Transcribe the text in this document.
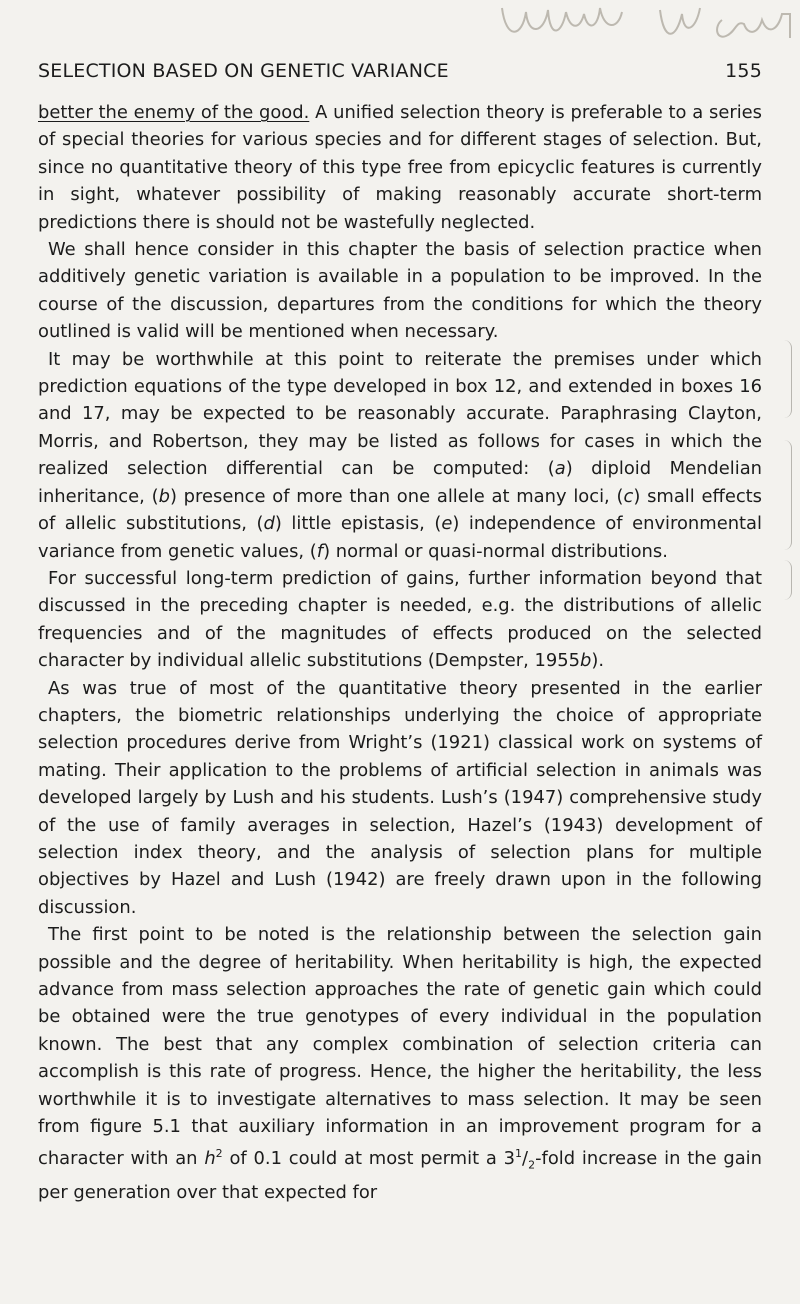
SELECTION BASED ON GENETIC VARIANCE	155

better the enemy of the good. A unified selection theory is preferable to a series of special theories for various species and for different stages of selection. But, since no quantitative theory of this type free from epicyclic features is currently in sight, whatever possibility of making reasonably accurate short-term predictions there is should not be wastefully neglected.

We shall hence consider in this chapter the basis of selection practice when additively genetic variation is available in a population to be improved. In the course of the discussion, departures from the conditions for which the theory outlined is valid will be mentioned when necessary.

It may be worthwhile at this point to reiterate the premises under which prediction equations of the type developed in box 12, and extended in boxes 16 and 17, may be expected to be reasonably accurate. Paraphrasing Clayton, Morris, and Robertson, they may be listed as follows for cases in which the realized selection differential can be computed: (a) diploid Mendelian inheritance, (b) presence of more than one allele at many loci, (c) small effects of allelic substitutions, (d) little epistasis, (e) independence of environmental variance from genetic values, (f) normal or quasi-normal distributions.

For successful long-term prediction of gains, further information beyond that discussed in the preceding chapter is needed, e.g. the distributions of allelic frequencies and of the magnitudes of effects produced on the selected character by individual allelic substitutions (Dempster, 1955b).

As was true of most of the quantitative theory presented in the earlier chapters, the biometric relationships underlying the choice of appropriate selection procedures derive from Wright’s (1921) classical work on systems of mating. Their application to the problems of artificial selection in animals was developed largely by Lush and his students. Lush’s (1947) comprehensive study of the use of family averages in selection, Hazel’s (1943) development of selection index theory, and the analysis of selection plans for multiple objectives by Hazel and Lush (1942) are freely drawn upon in the following discussion.

The first point to be noted is the relationship between the selection gain possible and the degree of heritability. When heritability is high, the expected advance from mass selection approaches the rate of genetic gain which could be obtained were the true genotypes of every individual in the population known. The best that any complex combination of selection criteria can accomplish is this rate of progress. Hence, the higher the heritability, the less worthwhile it is to investigate alternatives to mass selection. It may be seen from figure 5.1 that auxiliary information in an improvement program for a character with an $h^2$ of 0.1 could at most permit a $3^1/_2$-fold increase in the gain per generation over that expected for
